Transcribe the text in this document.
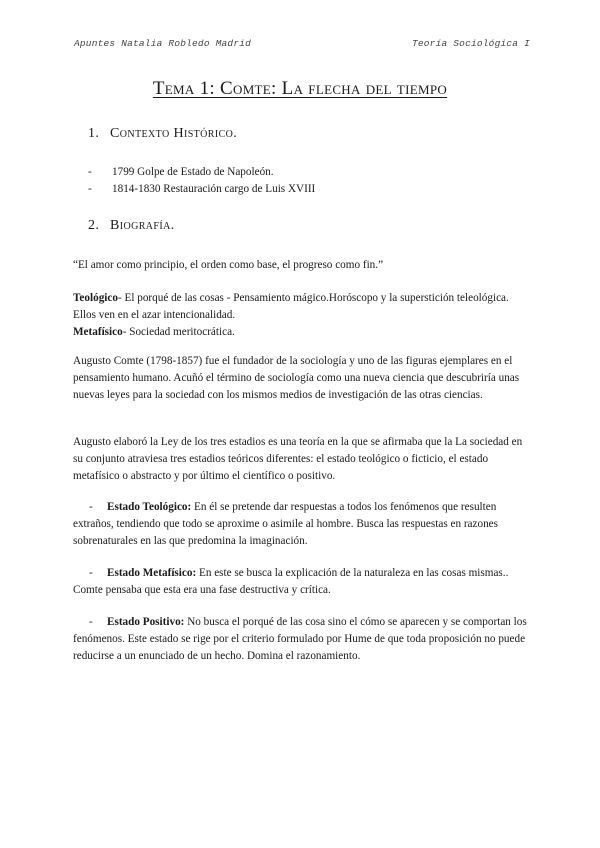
Apuntes Natalia Robledo Madrid	Teoría Sociológica I
Tema 1: Comte: La flecha del tiempo
1. Contexto Histórico.
- 1799 Golpe de Estado de Napoleón.
- 1814-1830 Restauración cargo de Luis XVIII
2. Biografía.
“El amor como principio, el orden como base, el progreso como fin.”
Teológico- El porqué de las cosas - Pensamiento mágico.Horóscopo y la superstición teleológica. Ellos ven en el azar intencionalidad.
Metafísico- Sociedad meritocrática.
Augusto Comte (1798-1857) fue el fundador de la sociología y uno de las figuras ejemplares en el pensamiento humano. Acuñó el término de sociología como una nueva ciencia que descubriría unas nuevas leyes para la sociedad con los mismos medios de investigación de las otras ciencias.
Augusto elaboró la Ley de los tres estadios es una teoría en la que se afirmaba que la La sociedad en su conjunto atraviesa tres estadios teóricos diferentes: el estado teológico o ficticio, el estado metafísico o abstracto y por último el científico o positivo.
- Estado Teológico: En él se pretende dar respuestas a todos los fenómenos que resulten extraños, tendiendo que todo se aproxime o asimile al hombre. Busca las respuestas en razones sobrenaturales en las que predomina la imaginación.
- Estado Metafísico: En este se busca la explicación de la naturaleza en las cosas mismas.. Comte pensaba que esta era una fase destructiva y crítica.
- Estado Positivo: No busca el porqué de las cosa sino el cómo se aparecen y se comportan los fenómenos. Este estado se rige por el criterio formulado por Hume de que toda proposición no puede reducirse a un enunciado de un hecho. Domina el razonamiento.
